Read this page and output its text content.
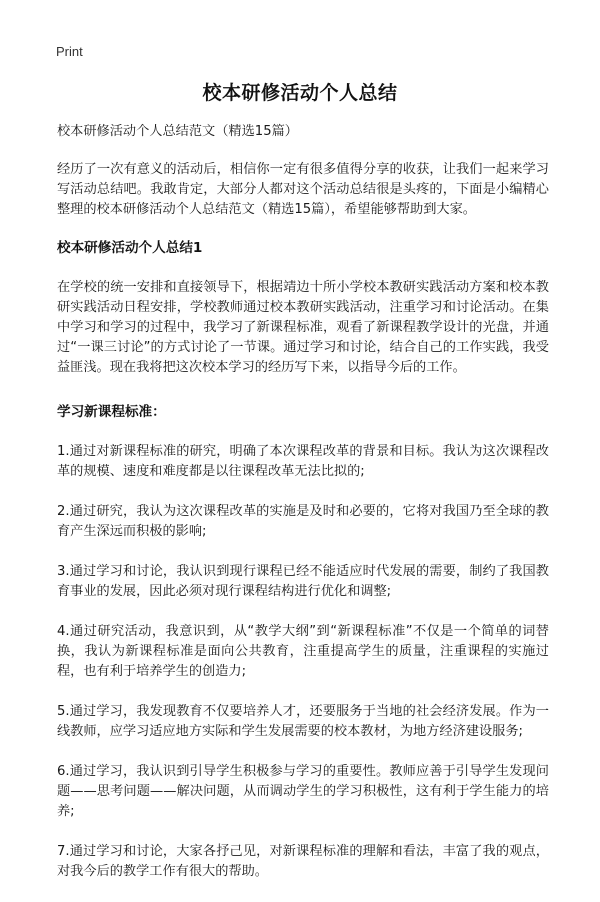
Print
校本研修活动个人总结

校本研修活动个人总结范文（精选15篇）

经历了一次有意义的活动后，相信你一定有很多值得分享的收获，让我们一起来学习写活动总结吧。我敢肯定，大部分人都对这个活动总结很是头疼的，下面是小编精心整理的校本研修活动个人总结范文（精选15篇），希望能够帮助到大家。

校本研修活动个人总结1

在学校的统一安排和直接领导下，根据靖边十所小学校本教研实践活动方案和校本教研实践活动日程安排，学校教师通过校本教研实践活动，注重学习和讨论活动。在集中学习和学习的过程中，我学习了新课程标准，观看了新课程教学设计的光盘，并通过“一课三讨论”的方式讨论了一节课。通过学习和讨论，结合自己的工作实践，我受益匪浅。现在我将把这次校本学习的经历写下来，以指导今后的工作。

学习新课程标准：

1.通过对新课程标准的研究，明确了本次课程改革的背景和目标。我认为这次课程改革的规模、速度和难度都是以往课程改革无法比拟的;

2.通过研究，我认为这次课程改革的实施是及时和必要的，它将对我国乃至全球的教育产生深远而积极的影响;

3.通过学习和讨论，我认识到现行课程已经不能适应时代发展的需要，制约了我国教育事业的发展，因此必须对现行课程结构进行优化和调整;

4.通过研究活动，我意识到，从“教学大纲”到“新课程标准”不仅是一个简单的词替换，我认为新课程标准是面向公共教育，注重提高学生的质量，注重课程的实施过程，也有利于培养学生的创造力;

5.通过学习，我发现教育不仅要培养人才，还要服务于当地的社会经济发展。作为一线教师，应学习适应地方实际和学生发展需要的校本教材，为地方经济建设服务;

6.通过学习，我认识到引导学生积极参与学习的重要性。教师应善于引导学生发现问题——思考问题——解决问题，从而调动学生的学习积极性，这有利于学生能力的培养;

7.通过学习和讨论，大家各抒己见，对新课程标准的理解和看法，丰富了我的观点，对我今后的教学工作有很大的帮助。
